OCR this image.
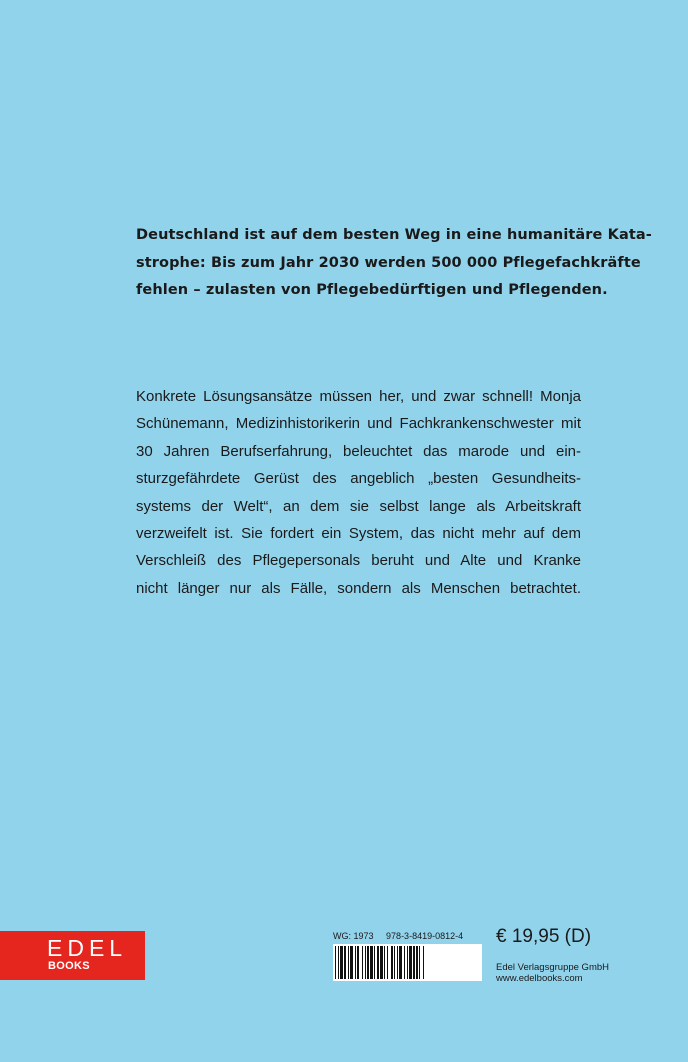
Deutschland ist auf dem besten Weg in eine humanitäre Kata-
strophe: Bis zum Jahr 2030 werden 500 000 Pflegefachkräfte
fehlen – zulasten von Pflegebedürftigen und Pflegenden.
Konkrete Lösungsansätze müssen her, und zwar schnell! Monja
Schünemann, Medizinhistorikerin und Fachkrankenschwester mit
30 Jahren Berufserfahrung, beleuchtet das marode und ein-
sturzgefährdete Gerüst des angeblich „besten Gesundheits-
systems der Welt“, an dem sie selbst lange als Arbeitskraft
verzweifelt ist. Sie fordert ein System, das nicht mehr auf dem
Verschleiß des Pflegepersonals beruht und Alte und Kranke
nicht länger nur als Fälle, sondern als Menschen betrachtet.
EDEL
BOOKS
WG: 1973 978-3-8419-0812-4 € 19,95 (D)
Edel Verlagsgruppe GmbH
www.edelbooks.com
